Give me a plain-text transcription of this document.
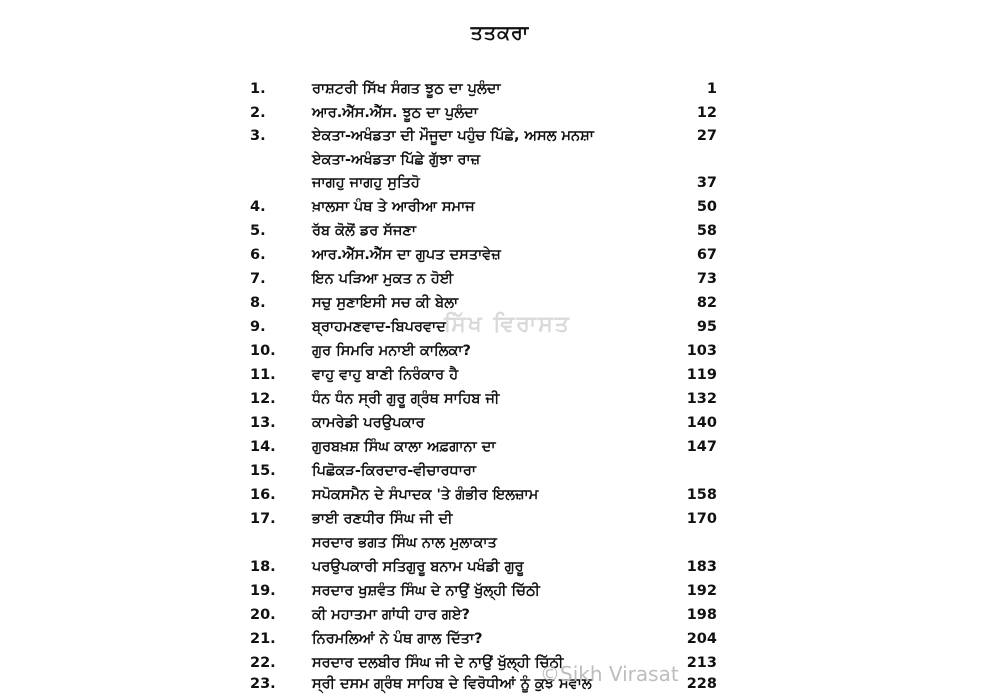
ਤਤਕਰਾ
1.	ਰਾਸ਼ਟਰੀ ਸਿੱਖ ਸੰਗਤ ਝੂਠ ਦਾ ਪੁਲੰਦਾ	1
2.	ਆਰ.ਐੱਸ.ਐੱਸ. ਝੂਠ ਦਾ ਪੁਲੰਦਾ	12
3.	ਏਕਤਾ-ਅਖੰਡਤਾ ਦੀ ਮੌਜੂਦਾ ਪਹੁੰਚ ਪਿੱਛੇ, ਅਸਲ ਮਨਸ਼ਾ	27
ਏਕਤਾ-ਅਖੰਡਤਾ ਪਿੱਛੇ ਗੁੱਝਾ ਰਾਜ਼
ਜਾਗਹੁ ਜਾਗਹੁ ਸੁਤਿਹੋ	37
4.	ਖ਼ਾਲਸਾ ਪੰਥ ਤੇ ਆਰੀਆ ਸਮਾਜ	50
5.	ਰੱਬ ਕੋਲੋਂ ਡਰ ਸੱਜਣਾ	58
6.	ਆਰ.ਐੱਸ.ਐੱਸ ਦਾ ਗੁਪਤ ਦਸਤਾਵੇਜ਼	67
7.	ਇਨ ਪੜਿਆ ਮੁਕਤ ਨ ਹੋਈ	73
8.	ਸਚੁ ਸੁਣਾਇਸੀ ਸਚ ਕੀ ਬੇਲਾ	82
9.	ਬ੍ਰਾਹਮਣਵਾਦ-ਬਿਪਰਵਾਦ	95
10.	ਗੁਰ ਸਿਮਰਿ ਮਨਾਈ ਕਾਲਿਕਾ?	103
11.	ਵਾਹੁ ਵਾਹੁ ਬਾਣੀ ਨਿਰੰਕਾਰ ਹੈ	119
12.	ਧੰਨ ਧੰਨ ਸ੍ਰੀ ਗੁਰੂ ਗ੍ਰੰਥ ਸਾਹਿਬ ਜੀ	132
13.	ਕਾਮਰੇਡੀ ਪਰਉਪਕਾਰ	140
14.	ਗੁਰਬਖ਼ਸ਼ ਸਿੰਘ ਕਾਲਾ ਅਫ਼ਗਾਨਾ ਦਾ	147
15.	ਪਿਛੋਕੜ-ਕਿਰਦਾਰ-ਵੀਚਾਰਧਾਰਾ
16.	ਸਪੋਕਸਮੈਨ ਦੇ ਸੰਪਾਦਕ 'ਤੇ ਗੰਭੀਰ ਇਲਜ਼ਾਮ	158
17.	ਭਾਈ ਰਣਧੀਰ ਸਿੰਘ ਜੀ ਦੀ	170
ਸਰਦਾਰ ਭਗਤ ਸਿੰਘ ਨਾਲ ਮੁਲਾਕਾਤ
18.	ਪਰਉਪਕਾਰੀ ਸਤਿਗੁਰੂ ਬਨਾਮ ਪਖੰਡੀ ਗੁਰੂ	183
19.	ਸਰਦਾਰ ਖੁਸ਼ਵੰਤ ਸਿੰਘ ਦੇ ਨਾਉਂ ਖੁੱਲ੍ਹੀ ਚਿੱਠੀ	192
20.	ਕੀ ਮਹਾਤਮਾ ਗਾਂਧੀ ਹਾਰ ਗਏ?	198
21.	ਨਿਰਮਲਿਆਂ ਨੇ ਪੰਥ ਗਾਲ ਦਿੱਤਾ?	204
22.	ਸਰਦਾਰ ਦਲਬੀਰ ਸਿੰਘ ਜੀ ਦੇ ਨਾਉਂ ਖੁੱਲ੍ਹੀ ਚਿੱਠੀ	213
23.	ਸ੍ਰੀ ਦਸਮ ਗ੍ਰੰਥ ਸਾਹਿਬ ਦੇ ਵਿਰੋਧੀਆਂ ਨੂੰ ਕੁਝ ਸਵਾਲ	228
ਸਿੱਖ ਵਿਰਾਸਤ
©Sikh Virasat
